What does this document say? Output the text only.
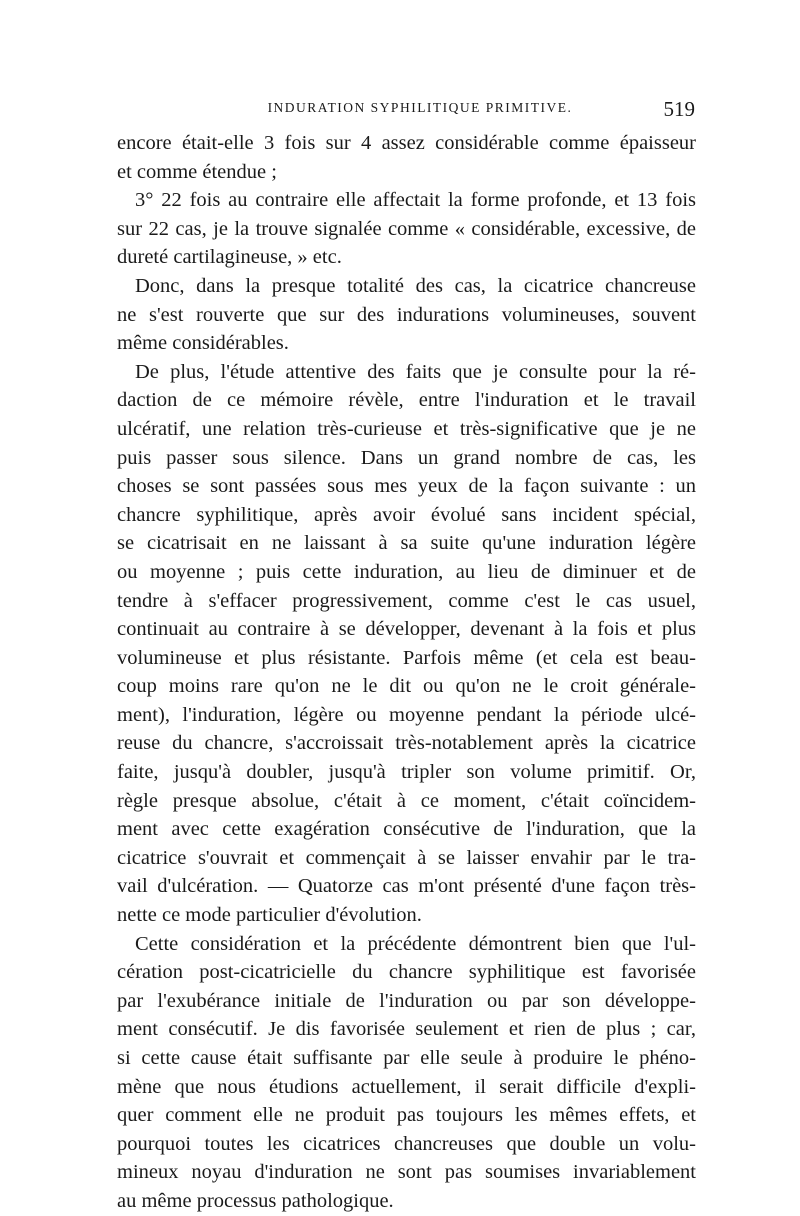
INDURATION SYPHILITIQUE PRIMITIVE.	519
encore était-elle 3 fois sur 4 assez considérable comme épaisseur
et comme étendue ;
3° 22 fois au contraire elle affectait la forme profonde, et 13 fois
sur 22 cas, je la trouve signalée comme « considérable, excessive, de
dureté cartilagineuse, » etc.
Donc, dans la presque totalité des cas, la cicatrice chancreuse
ne s'est rouverte que sur des indurations volumineuses, souvent
même considérables.
De plus, l'étude attentive des faits que je consulte pour la ré-
daction de ce mémoire révèle, entre l'induration et le travail
ulcératif, une relation très-curieuse et très-significative que je ne
puis passer sous silence. Dans un grand nombre de cas, les
choses se sont passées sous mes yeux de la façon suivante : un
chancre syphilitique, après avoir évolué sans incident spécial,
se cicatrisait en ne laissant à sa suite qu'une induration légère
ou moyenne ; puis cette induration, au lieu de diminuer et de
tendre à s'effacer progressivement, comme c'est le cas usuel,
continuait au contraire à se développer, devenant à la fois et plus
volumineuse et plus résistante. Parfois même (et cela est beau-
coup moins rare qu'on ne le dit ou qu'on ne le croit générale-
ment), l'induration, légère ou moyenne pendant la période ulcé-
reuse du chancre, s'accroissait très-notablement après la cicatrice
faite, jusqu'à doubler, jusqu'à tripler son volume primitif. Or,
règle presque absolue, c'était à ce moment, c'était coïncidem-
ment avec cette exagération consécutive de l'induration, que la
cicatrice s'ouvrait et commençait à se laisser envahir par le tra-
vail d'ulcération. — Quatorze cas m'ont présenté d'une façon très-
nette ce mode particulier d'évolution.
Cette considération et la précédente démontrent bien que l'ul-
cération post-cicatricielle du chancre syphilitique est favorisée
par l'exubérance initiale de l'induration ou par son développe-
ment consécutif. Je dis favorisée seulement et rien de plus ; car,
si cette cause était suffisante par elle seule à produire le phéno-
mène que nous étudions actuellement, il serait difficile d'expli-
quer comment elle ne produit pas toujours les mêmes effets, et
pourquoi toutes les cicatrices chancreuses que double un volu-
mineux noyau d'induration ne sont pas soumises invariablement
au même processus pathologique.
